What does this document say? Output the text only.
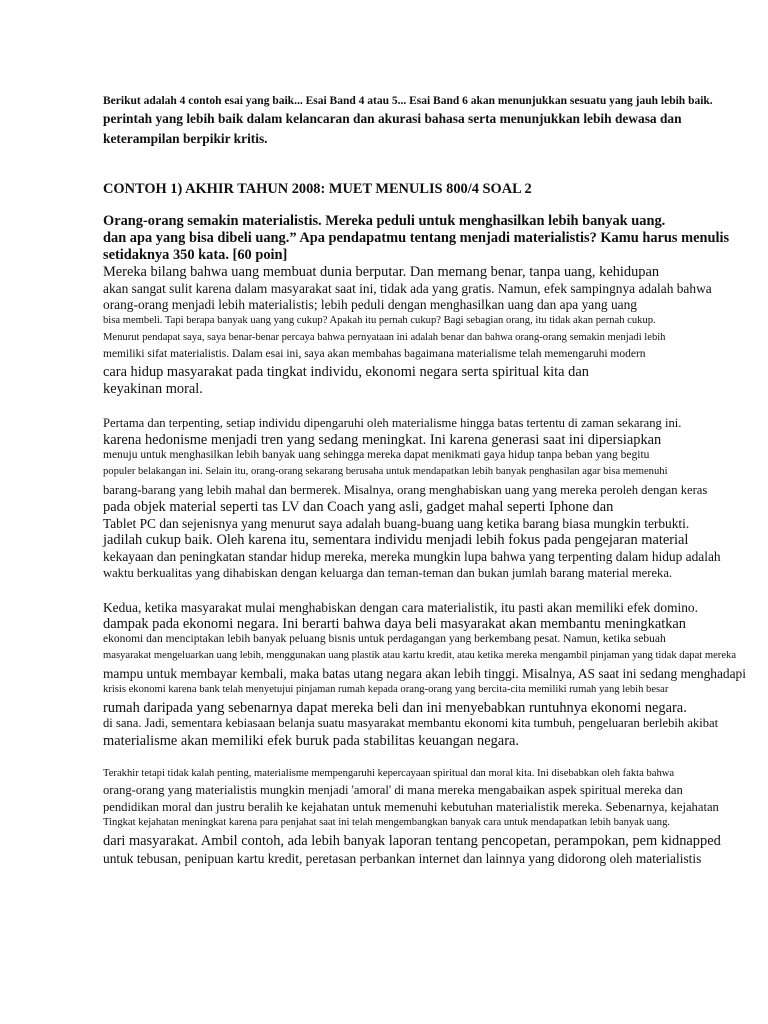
Berikut adalah 4 contoh esai yang baik... Esai Band 4 atau 5... Esai Band 6 akan menunjukkan sesuatu yang jauh lebih baik.
perintah yang lebih baik dalam kelancaran dan akurasi bahasa serta menunjukkan lebih dewasa dan
keterampilan berpikir kritis.
CONTOH 1) AKHIR TAHUN 2008: MUET MENULIS 800/4 SOAL 2
Orang-orang semakin materialistis. Mereka peduli untuk menghasilkan lebih banyak uang.
dan apa yang bisa dibeli uang.” Apa pendapatmu tentang menjadi materialistis? Kamu harus menulis
setidaknya 350 kata. [60 poin]
Mereka bilang bahwa uang membuat dunia berputar. Dan memang benar, tanpa uang, kehidupan
akan sangat sulit karena dalam masyarakat saat ini, tidak ada yang gratis. Namun, efek sampingnya adalah bahwa
orang-orang menjadi lebih materialistis; lebih peduli dengan menghasilkan uang dan apa yang uang
bisa membeli. Tapi berapa banyak uang yang cukup? Apakah itu pernah cukup? Bagi sebagian orang, itu tidak akan pernah cukup.
Menurut pendapat saya, saya benar-benar percaya bahwa pernyataan ini adalah benar dan bahwa orang-orang semakin menjadi lebih
memiliki sifat materialistis. Dalam esai ini, saya akan membahas bagaimana materialisme telah memengaruhi modern
cara hidup masyarakat pada tingkat individu, ekonomi negara serta spiritual kita dan
keyakinan moral.
Pertama dan terpenting, setiap individu dipengaruhi oleh materialisme hingga batas tertentu di zaman sekarang ini.
karena hedonisme menjadi tren yang sedang meningkat. Ini karena generasi saat ini dipersiapkan
menuju untuk menghasilkan lebih banyak uang sehingga mereka dapat menikmati gaya hidup tanpa beban yang begitu
populer belakangan ini. Selain itu, orang-orang sekarang berusaha untuk mendapatkan lebih banyak penghasilan agar bisa memenuhi
barang-barang yang lebih mahal dan bermerek. Misalnya, orang menghabiskan uang yang mereka peroleh dengan keras
pada objek material seperti tas LV dan Coach yang asli, gadget mahal seperti Iphone dan
Tablet PC dan sejenisnya yang menurut saya adalah buang-buang uang ketika barang biasa mungkin terbukti.
jadilah cukup baik. Oleh karena itu, sementara individu menjadi lebih fokus pada pengejaran material
kekayaan dan peningkatan standar hidup mereka, mereka mungkin lupa bahwa yang terpenting dalam hidup adalah
waktu berkualitas yang dihabiskan dengan keluarga dan teman-teman dan bukan jumlah barang material mereka.
Kedua, ketika masyarakat mulai menghabiskan dengan cara materialistik, itu pasti akan memiliki efek domino.
dampak pada ekonomi negara. Ini berarti bahwa daya beli masyarakat akan membantu meningkatkan
ekonomi dan menciptakan lebih banyak peluang bisnis untuk perdagangan yang berkembang pesat. Namun, ketika sebuah
masyarakat mengeluarkan uang lebih, menggunakan uang plastik atau kartu kredit, atau ketika mereka mengambil pinjaman yang tidak dapat mereka
mampu untuk membayar kembali, maka batas utang negara akan lebih tinggi. Misalnya, AS saat ini sedang menghadapi
krisis ekonomi karena bank telah menyetujui pinjaman rumah kepada orang-orang yang bercita-cita memiliki rumah yang lebih besar
rumah daripada yang sebenarnya dapat mereka beli dan ini menyebabkan runtuhnya ekonomi negara.
di sana. Jadi, sementara kebiasaan belanja suatu masyarakat membantu ekonomi kita tumbuh, pengeluaran berlebih akibat
materialisme akan memiliki efek buruk pada stabilitas keuangan negara.
Terakhir tetapi tidak kalah penting, materialisme mempengaruhi kepercayaan spiritual dan moral kita. Ini disebabkan oleh fakta bahwa
orang-orang yang materialistis mungkin menjadi 'amoral' di mana mereka mengabaikan aspek spiritual mereka dan
pendidikan moral dan justru beralih ke kejahatan untuk memenuhi kebutuhan materialistik mereka. Sebenarnya, kejahatan
Tingkat kejahatan meningkat karena para penjahat saat ini telah mengembangkan banyak cara untuk mendapatkan lebih banyak uang.
dari masyarakat. Ambil contoh, ada lebih banyak laporan tentang pencopetan, perampokan, pem kidnapped
untuk tebusan, penipuan kartu kredit, peretasan perbankan internet dan lainnya yang didorong oleh materialistis
